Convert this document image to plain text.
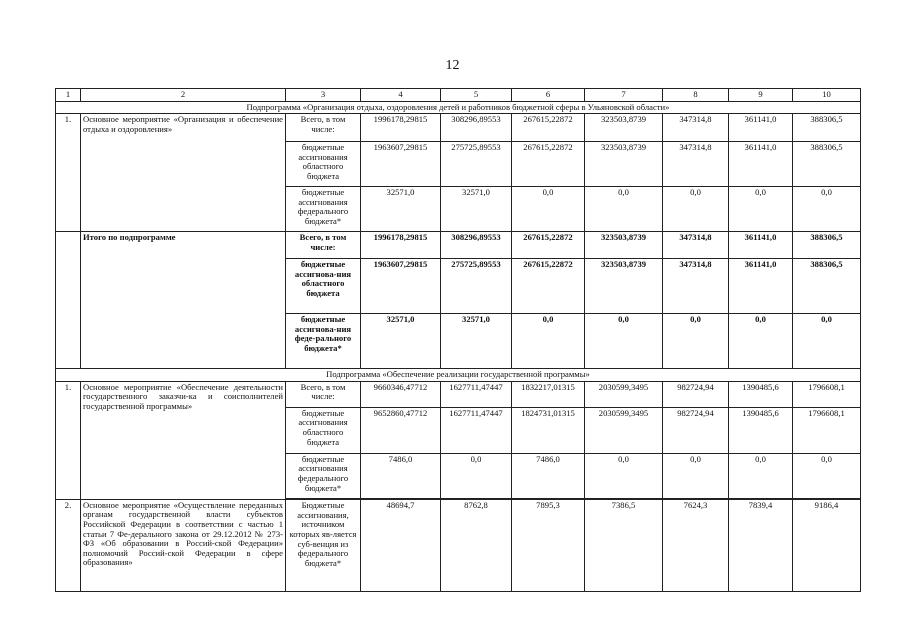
12
1	2	3	4	5	6	7	8	9	10
Подпрограмма «Организация отдыха, оздоровления детей и работников бюджетной сферы в Ульяновской области»									
1.	Основное мероприятие «Организация и обеспечение отдыха и оздоровления»	Всего, в том числе:	1996178,29815	308296,89553	267615,22872	323503,8739	347314,8	361141,0	388306,5
		бюджетные ассигнования областного бюджета	1963607,29815	275725,89553	267615,22872	323503,8739	347314,8	361141,0	388306,5
		бюджетные ассигнования федерального бюджета*	32571,0	32571,0	0,0	0,0	0,0	0,0	0,0
	Итого по подпрограмме	Всего, в том числе:	1996178,29815	308296,89553	267615,22872	323503,8739	347314,8	361141,0	388306,5
		бюджетные ассигнова-ния областного бюджета	1963607,29815	275725,89553	267615,22872	323503,8739	347314,8	361141,0	388306,5
		бюджетные ассигнова-ния феде-рального бюджета*	32571,0	32571,0	0,0	0,0	0,0	0,0	0,0
Подпрограмма «Обеспечение реализации государственной программы»									
1.	Основное мероприятие «Обеспечение деятельности государственного заказчи-ка и соисполнителей государственной программы»	Всего, в том числе:	9660346,47712	1627711,47447	1832217,01315	2030599,3495	982724,94	1390485,6	1796608,1
		бюджетные ассигнования областного бюджета	9652860,47712	1627711,47447	1824731,01315	2030599,3495	982724,94	1390485,6	1796608,1
		бюджетные ассигнования федерального бюджета*	7486,0	0,0	7486,0	0,0	0,0	0,0	0,0
2.	Основное мероприятие «Осуществление переданных органам государственной власти субъектов Российской Федерации в соответствии с частью 1 статьи 7 Фе-дерального закона от 29.12.2012 № 273-ФЗ «Об образовании в Россий-ской Федерации» полномочий Россий-ской Федерации в сфере образования»	Бюджетные ассигнования, источником которых яв-ляется суб-венция из федерального бюджета*	48694,7	8762,8	7895,3	7386,5	7624,3	7839,4	9186,4
